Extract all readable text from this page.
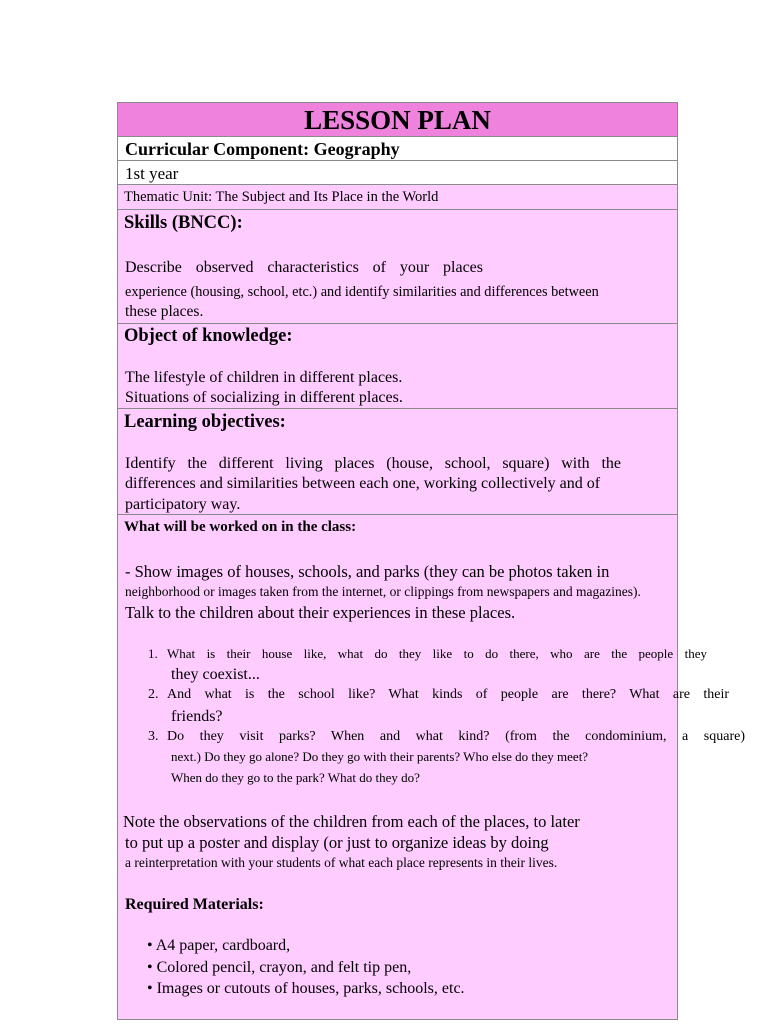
LESSON PLAN
Curricular Component: Geography
1st year
Thematic Unit: The Subject and Its Place in the World
Skills (BNCC):
Describe observed characteristics of your places
experience (housing, school, etc.) and identify similarities and differences between
these places.
Object of knowledge:
The lifestyle of children in different places.
Situations of socializing in different places.
Learning objectives:
Identify the different living places (house, school, square) with the
differences and similarities between each one, working collectively and of
participatory way.
What will be worked on in the class:
- Show images of houses, schools, and parks (they can be photos taken in
neighborhood or images taken from the internet, or clippings from newspapers and magazines).
Talk to the children about their experiences in these places.
1. What is their house like, what do they like to do there, who are the people they
they coexist...
2. And what is the school like? What kinds of people are there? What are their
friends?
3. Do they visit parks? When and what kind? (from the condominium, a square)
next.) Do they go alone? Do they go with their parents? Who else do they meet?
When do they go to the park? What do they do?
Note the observations of the children from each of the places, to later
to put up a poster and display (or just to organize ideas by doing
a reinterpretation with your students of what each place represents in their lives.
Required Materials:
• A4 paper, cardboard,
• Colored pencil, crayon, and felt tip pen,
• Images or cutouts of houses, parks, schools, etc.
